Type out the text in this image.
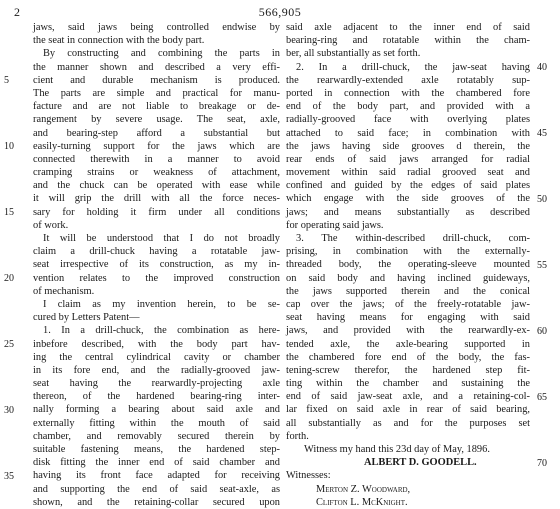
2	566,905
jaws, said jaws being controlled endwise by
the seat in connection with the body part.
By constructing and combining the parts in
the manner shown and described a very effi-
cient and durable mechanism is produced.
The parts are simple and practical for manu-
facture and are not liable to breakage or de-
rangement by severe usage. The seat, axle,
and bearing-step afford a substantial but
easily-turning support for the jaws which are
connected therewith in a manner to avoid
cramping strains or weakness of attachment,
and the chuck can be operated with ease while
it will grip the drill with all the force neces-
sary for holding it firm under all conditions
of work.
It will be understood that I do not broadly
claim a drill-chuck having a rotatable jaw-
seat irrespective of its construction, as my in-
vention relates to the improved construction
of mechanism.
I claim as my invention herein, to be se-
cured by Letters Patent—
1. In a drill-chuck, the combination as here-
inbefore described, with the body part hav-
ing the central cylindrical cavity or chamber
in its fore end, and the radially-grooved jaw-
seat having the rearwardly-projecting axle
thereon, of the hardened bearing-ring inter-
nally forming a bearing about said axle and
externally fitting within the mouth of said
chamber, and removably secured therein by
suitable fastening means, the hardened step-
disk fitting the inner end of said chamber and
having its front face adapted for receiving
and supporting the end of said seat-axle, as
shown, and the retaining-collar secured upon
said axle adjacent to the inner end of said
bearing-ring and rotatable within the cham-
ber, all substantially as set forth.
2. In a drill-chuck, the jaw-seat having
the rearwardly-extended axle rotatably sup-
ported in connection with the chambered fore
end of the body part, and provided with a
radially-grooved face with overlying plates
attached to said face; in combination with
the jaws having side grooves d therein, the
rear ends of said jaws arranged for radial
movement within said radial grooved seat and
confined and guided by the edges of said plates
which engage with the side grooves of the
jaws; and means substantially as described
for operating said jaws.
3. The within-described drill-chuck, com-
prising, in combination with the externally-
threaded body, the operating-sleeve mounted
on said body and having inclined guideways,
the jaws supported therein and the conical
cap over the jaws; of the freely-rotatable jaw-
seat having means for engaging with said
jaws, and provided with the rearwardly-ex-
tended axle, the axle-bearing supported in
the chambered fore end of the body, the fas-
tening-screw therefor, the hardened step fit-
ting within the chamber and sustaining the
end of said jaw-seat axle, and a retaining-col-
lar fixed on said axle in rear of said bearing,
all substantially as and for the purposes set
forth.
Witness my hand this 23d day of May, 1896.
ALBERT D. GOODELL.
Witnesses:
Merton Z. Woodward,
Clifton L. McKnight.
5
10
15
20
25
30
35
40
45
50
55
60
65
70
